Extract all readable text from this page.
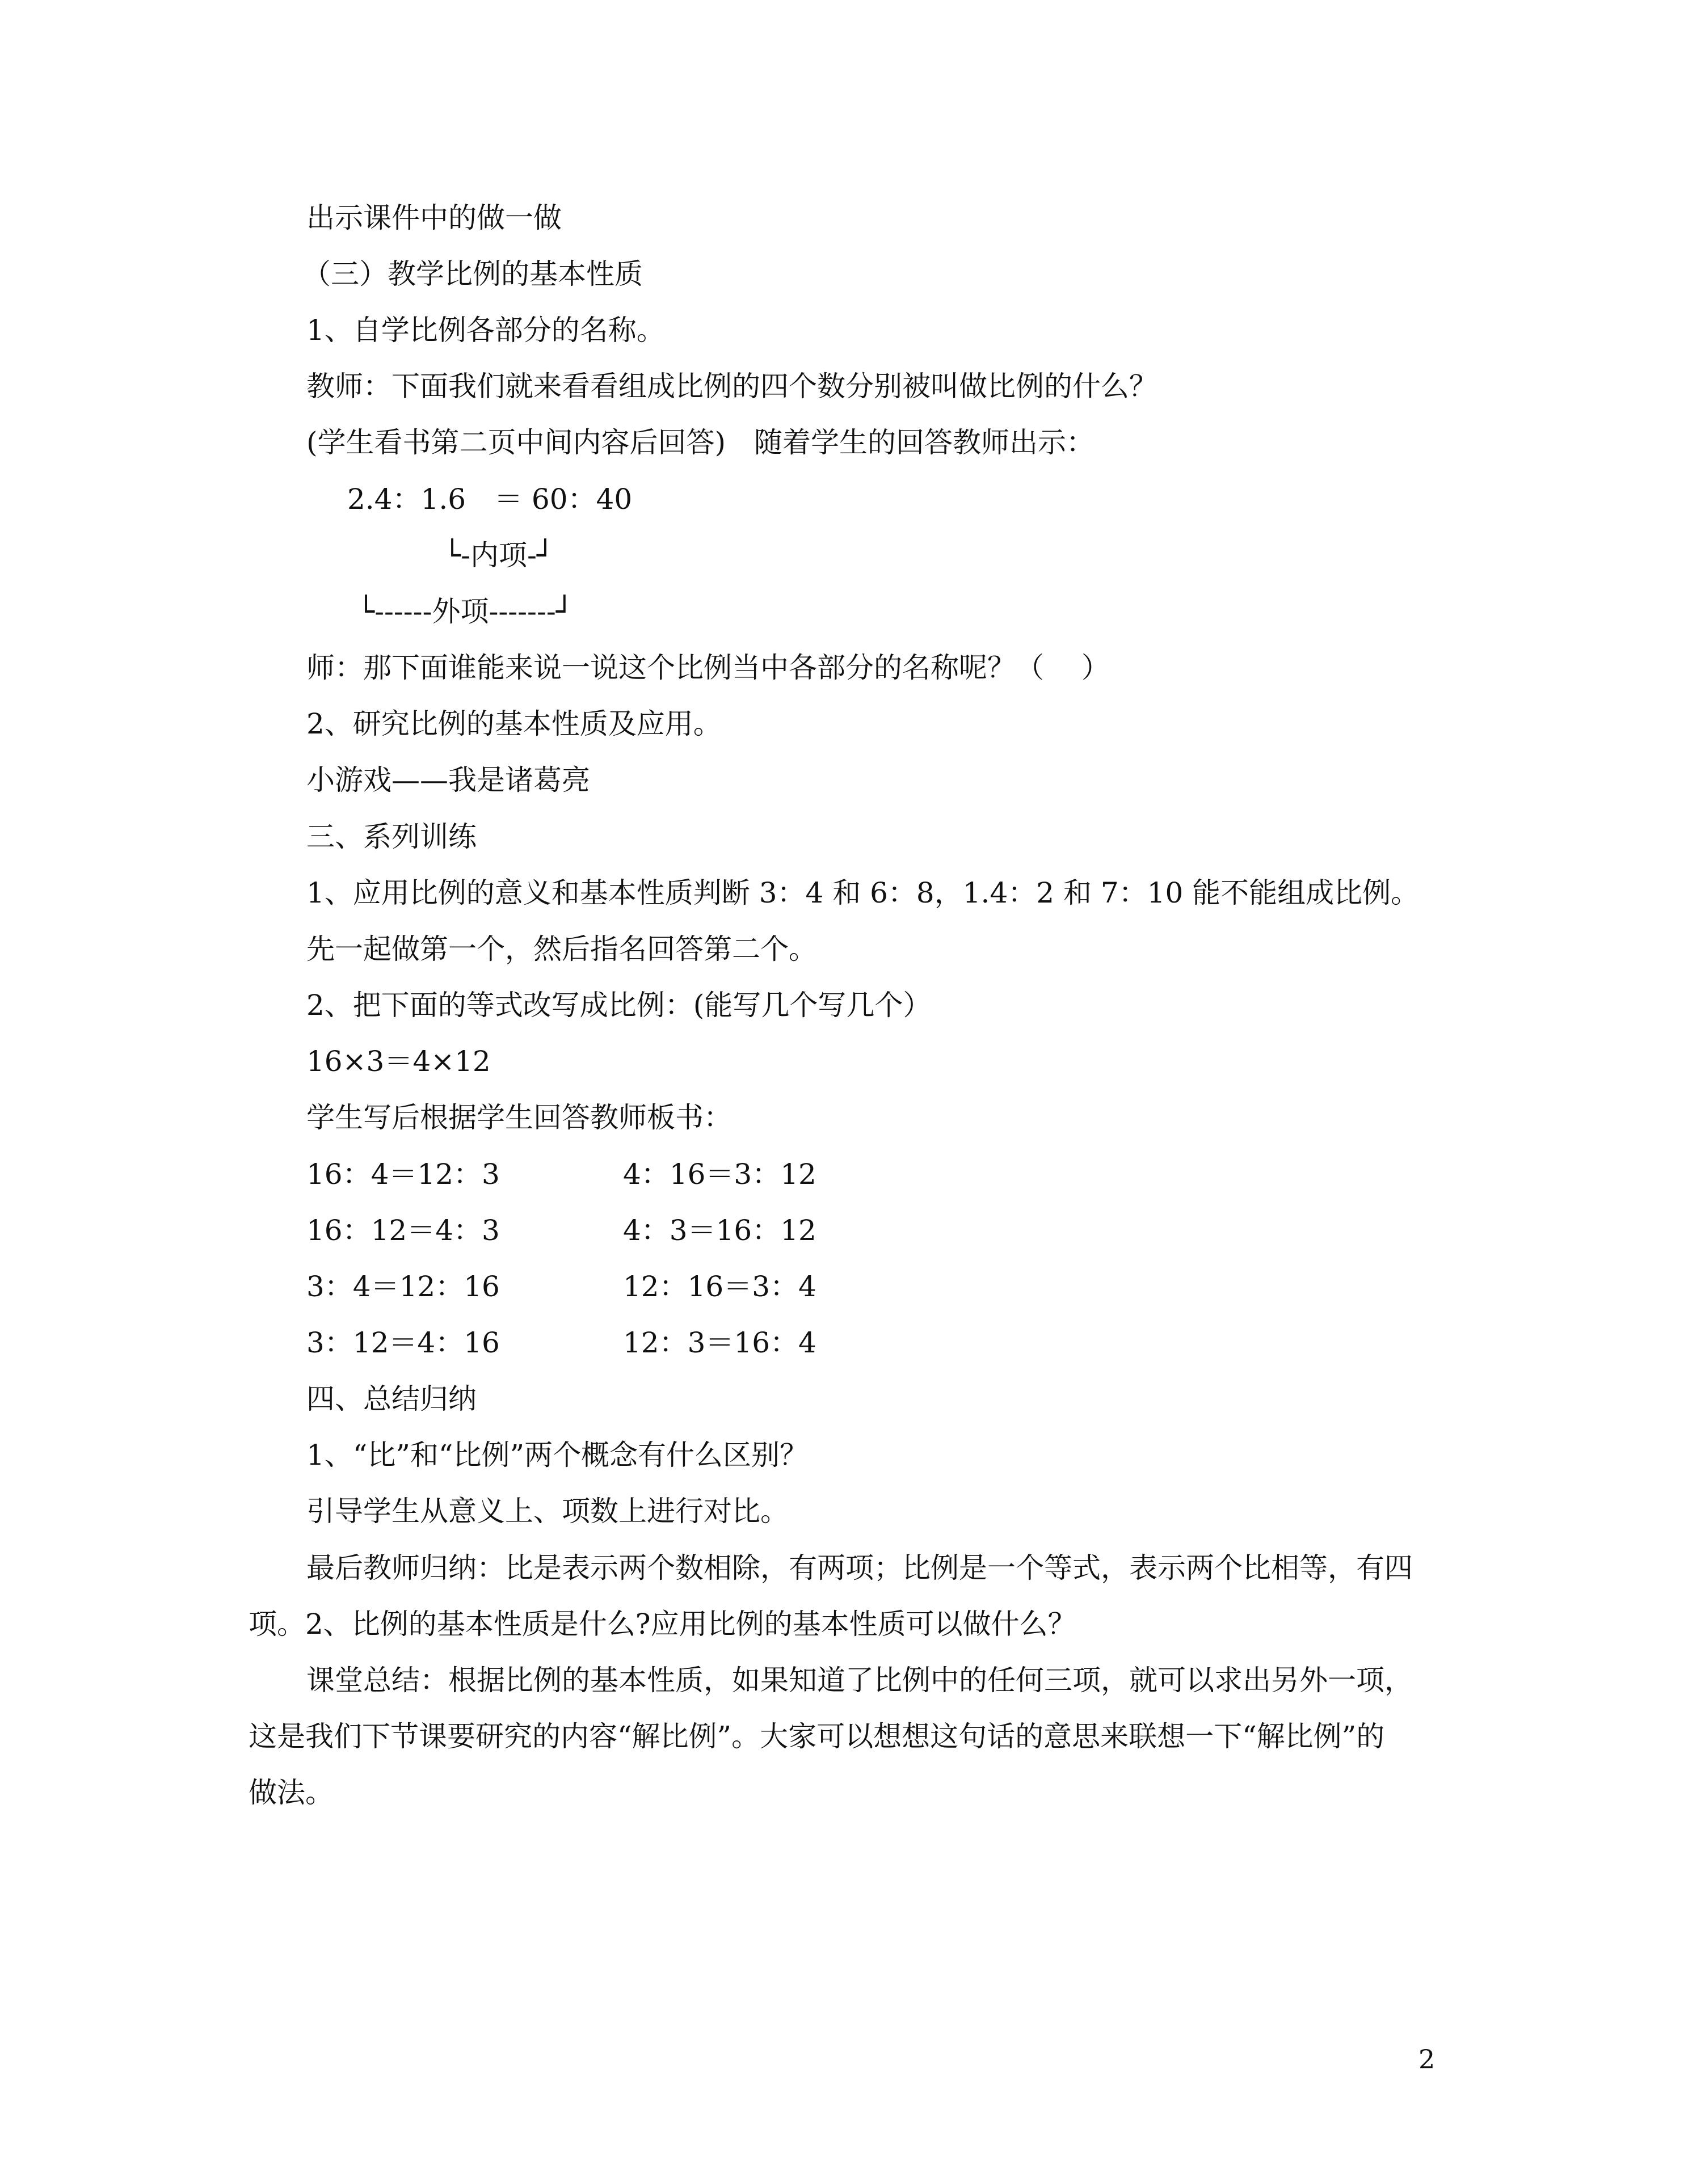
出示课件中的做一做
（三）教学比例的基本性质
1、自学比例各部分的名称。
教师：下面我们就来看看组成比例的四个数分别被叫做比例的什么？
(学生看书第二页中间内容后回答)　随着学生的回答教师出示：
2.4：1.6　＝ 60：40
└-内项-┘
└------外项-------┘
师：那下面谁能来说一说这个比例当中各部分的名称呢？（　 ）
2、研究比例的基本性质及应用。
小游戏——我是诸葛亮
三、系列训练
1、应用比例的意义和基本性质判断 3：4 和 6：8，1.4：2 和 7：10 能不能组成比例。
先一起做第一个，然后指名回答第二个。
2、把下面的等式改写成比例：(能写几个写几个）
16×3＝4×12
学生写后根据学生回答教师板书：
16：4＝12：3	4：16＝3：12
16：12＝4：3	4：3＝16：12
3：4＝12：16	12：16＝3：4
3：12＝4：16	12：3＝16：4
四、总结归纳
1、“比”和“比例”两个概念有什么区别？
引导学生从意义上、项数上进行对比。
最后教师归纳：比是表示两个数相除，有两项；比例是一个等式，表示两个比相等，有四
项。2、比例的基本性质是什么?应用比例的基本性质可以做什么？
课堂总结：根据比例的基本性质，如果知道了比例中的任何三项，就可以求出另外一项，
这是我们下节课要研究的内容“解比例”。大家可以想想这句话的意思来联想一下“解比例”的
做法。
2
